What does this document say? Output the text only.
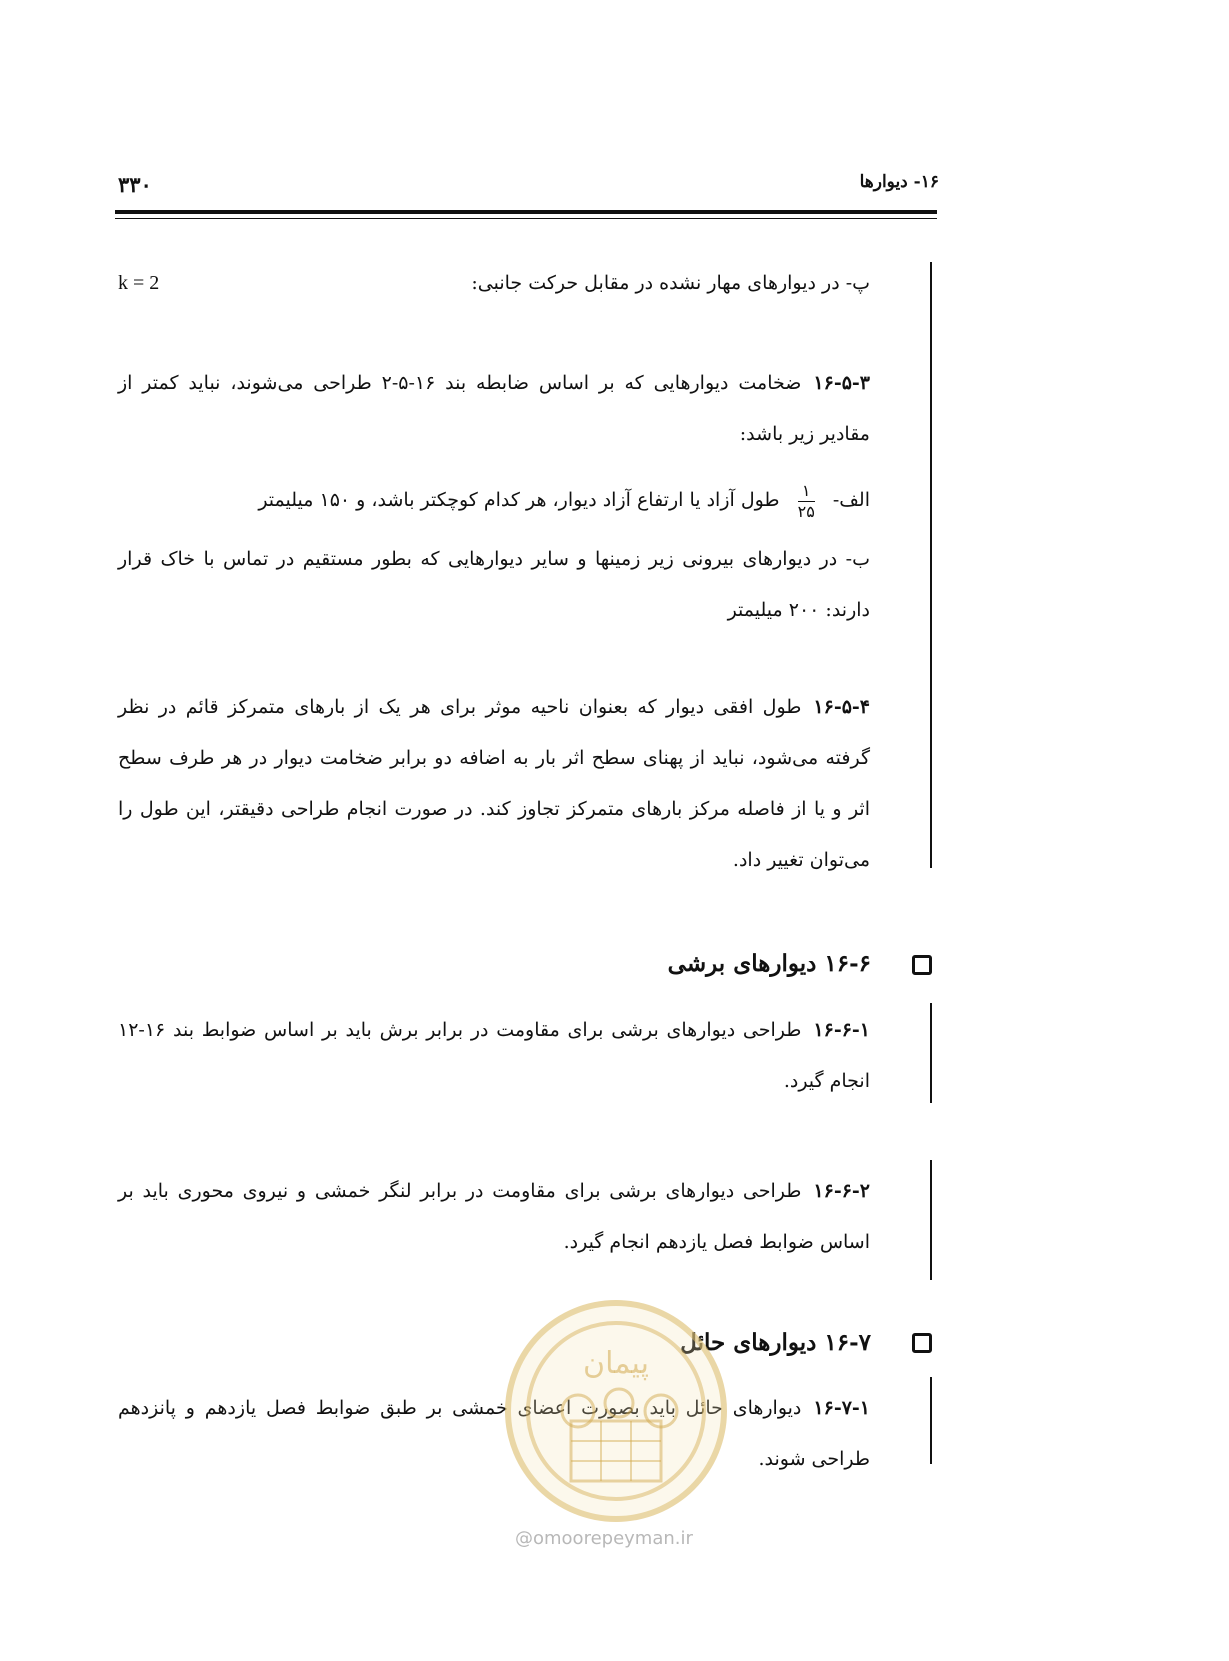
۱۶- دیوارها
۳۳۰
پ- در دیوارهای مهار نشده در مقابل حرکت جانبی:
k = 2
۱۶-۵-۳ضخامت دیوارهایی که بر اساس ضابطه بند ۱۶-۵-۲ طراحی می‌شوند، نباید کمتر از مقادیر زیر باشد:
الف-
$\frac{۱}{۲۵}$
طول آزاد یا ارتفاع آزاد دیوار، هر کدام کوچکتر باشد، و ۱۵۰ میلیمتر
ب- در دیوارهای بیرونی زیر زمینها و سایر دیوارهایی که بطور مستقیم در تماس با خاک قرار دارند: ۲۰۰ میلیمتر
۱۶-۵-۴طول افقی دیوار که بعنوان ناحیه موثر برای هر یک از بارهای متمرکز قائم در نظر گرفته می‌شود، نباید از پهنای سطح اثر بار به اضافه دو برابر ضخامت دیوار در هر طرف سطح اثر و یا از فاصله مرکز بارهای متمرکز تجاوز کند. در صورت انجام طراحی دقیقتر، این طول را می‌توان تغییر داد.
۱۶-۶ دیوارهای برشی
۱۶-۶-۱طراحی دیوارهای برشی برای مقاومت در برابر برش باید بر اساس ضوابط بند ۱۶-۱۲ انجام گیرد.
۱۶-۶-۲طراحی دیوارهای برشی برای مقاومت در برابر لنگر خمشی و نیروی محوری باید بر اساس ضوابط فصل یازدهم انجام گیرد.
۱۶-۷ دیوارهای حائل
۱۶-۷-۱دیوارهای حائل باید بصورت اعضای خمشی بر طبق ضوابط فصل یازدهم و پانزدهم طراحی شوند.
پیمان
@omoorepeyman.ir
